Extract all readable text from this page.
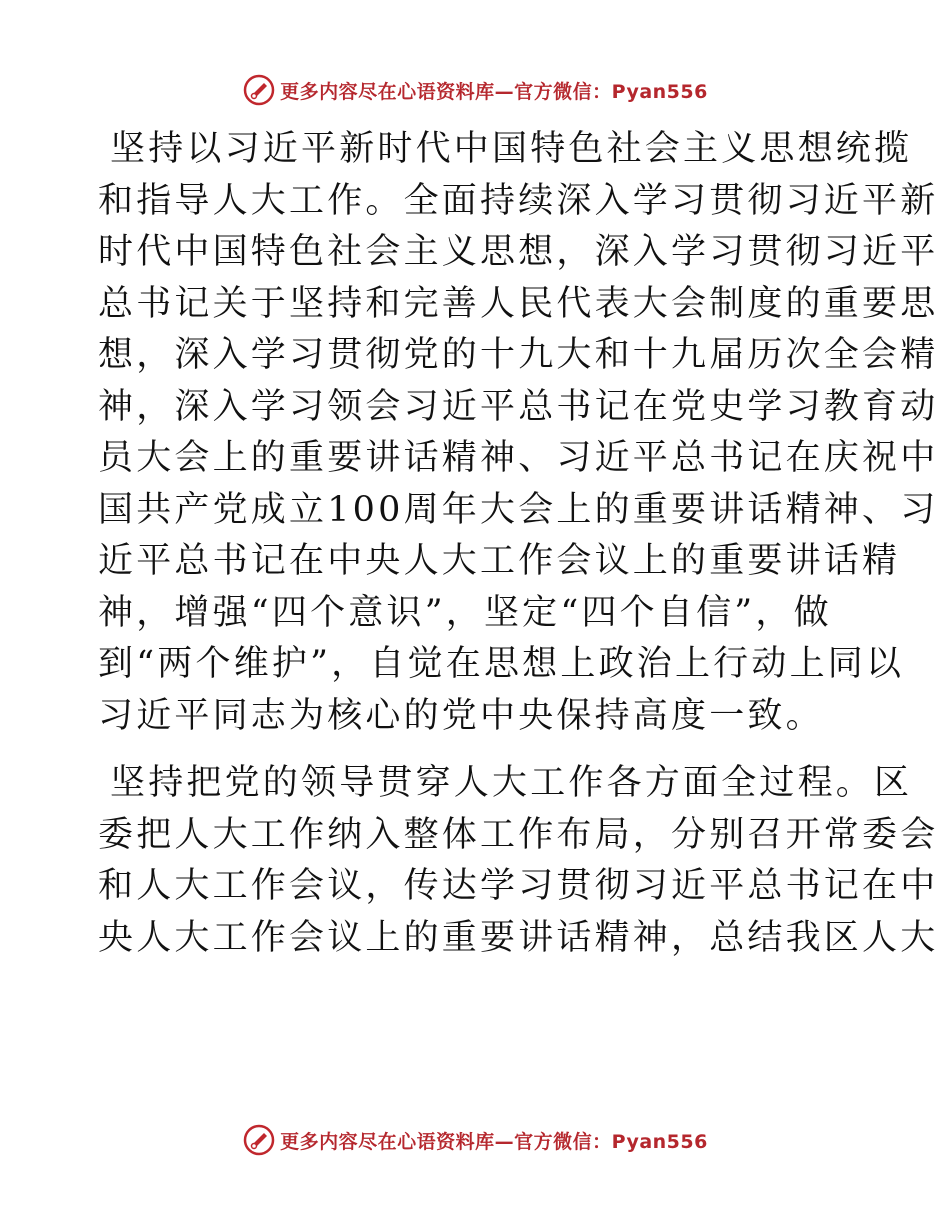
更多内容尽在心语资料库—官方微信：Pyan556

坚持以习近平新时代中国特色社会主义思想统揽
和指导人大工作。全面持续深入学习贯彻习近平新
时代中国特色社会主义思想，深入学习贯彻习近平
总书记关于坚持和完善人民代表大会制度的重要思
想，深入学习贯彻党的十九大和十九届历次全会精
神，深入学习领会习近平总书记在党史学习教育动
员大会上的重要讲话精神、习近平总书记在庆祝中
国共产党成立100周年大会上的重要讲话精神、习
近平总书记在中央人大工作会议上的重要讲话精
神，增强“四个意识”，坚定“四个自信”，做
到“两个维护”，自觉在思想上政治上行动上同以
习近平同志为核心的党中央保持高度一致。

坚持把党的领导贯穿人大工作各方面全过程。区
委把人大工作纳入整体工作布局，分别召开常委会
和人大工作会议，传达学习贯彻习近平总书记在中
央人大工作会议上的重要讲话精神，总结我区人大

更多内容尽在心语资料库—官方微信：Pyan556
